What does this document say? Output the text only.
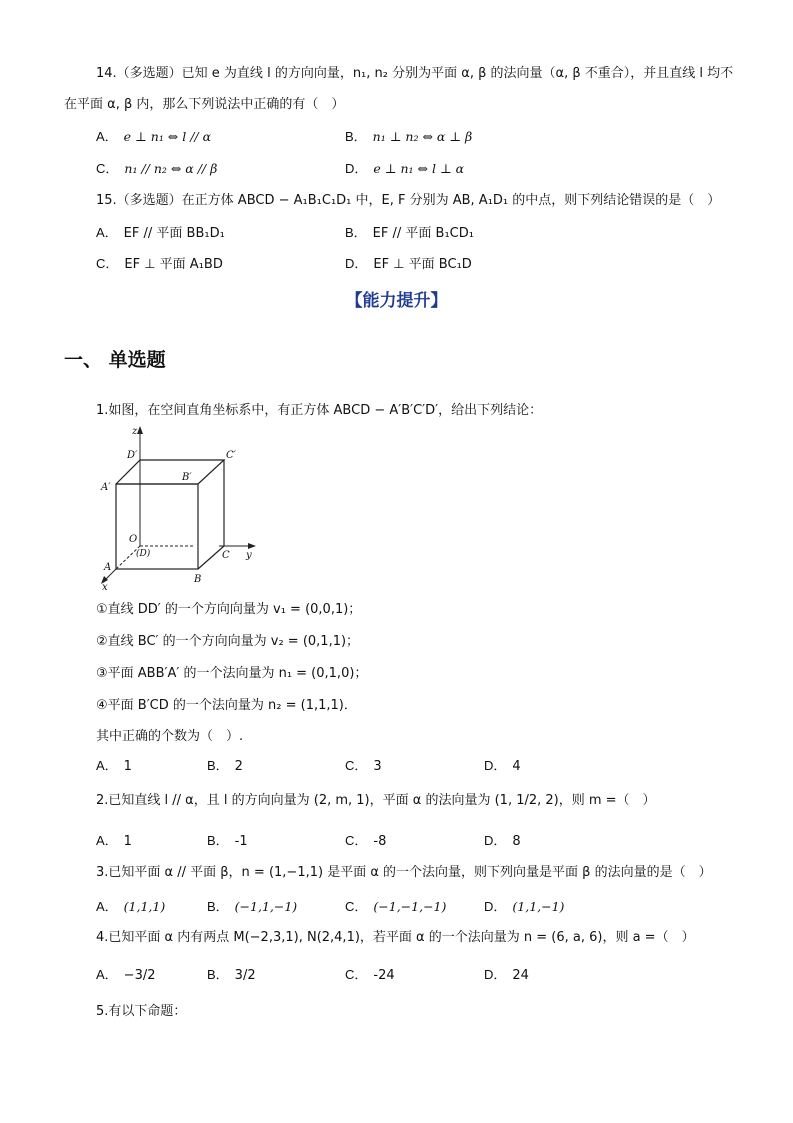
14.（多选题）已知 e 为直线 l 的方向向量，n₁, n₂ 分别为平面 α, β 的法向量（α, β 不重合），并且直线 l 均不
在平面 α, β 内，那么下列说法中正确的有（　）
A． e ⊥ n₁ ⇔ l // α	B． n₁ ⊥ n₂ ⇔ α ⊥ β
C． n₁ // n₂ ⇔ α // β	D． e ⊥ n₁ ⇔ l ⊥ α
15.（多选题）在正方体 ABCD − A₁B₁C₁D₁ 中，E, F 分别为 AB, A₁D₁ 的中点，则下列结论错误的是（　）
A． EF // 平面 BB₁D₁	B． EF // 平面 B₁CD₁
C． EF ⊥ 平面 A₁BD	D． EF ⊥ 平面 BC₁D
【能力提升】
一、 单选题
1.如图，在空间直角坐标系中，有正方体 ABCD − A′B′C′D′，给出下列结论：
z
y
x
O
(D)
A
B
C
A′
B′
C′
D′
①直线 DD′ 的一个方向向量为 v₁ = (0,0,1)；
②直线 BC′ 的一个方向向量为 v₂ = (0,1,1)；
③平面 ABB′A′ 的一个法向量为 n₁ = (0,1,0)；
④平面 B′CD 的一个法向量为 n₂ = (1,1,1)．
其中正确的个数为（　）.
A． 1	B． 2	C． 3	D． 4
2.已知直线 l // α，且 l 的方向向量为 (2, m, 1)，平面 α 的法向量为 (1, 1/2, 2)，则 m =（　）
A． 1	B． -1	C． -8	D． 8
3.已知平面 α // 平面 β，n = (1,−1,1) 是平面 α 的一个法向量，则下列向量是平面 β 的法向量的是（　）
A． (1,1,1)	B． (−1,1,−1)	C． (−1,−1,−1)	D． (1,1,−1)
4.已知平面 α 内有两点 M(−2,3,1), N(2,4,1)，若平面 α 的一个法向量为 n = (6, a, 6)，则 a =（　）
A． −3/2	B． 3/2	C． -24	D． 24
5.有以下命题：
